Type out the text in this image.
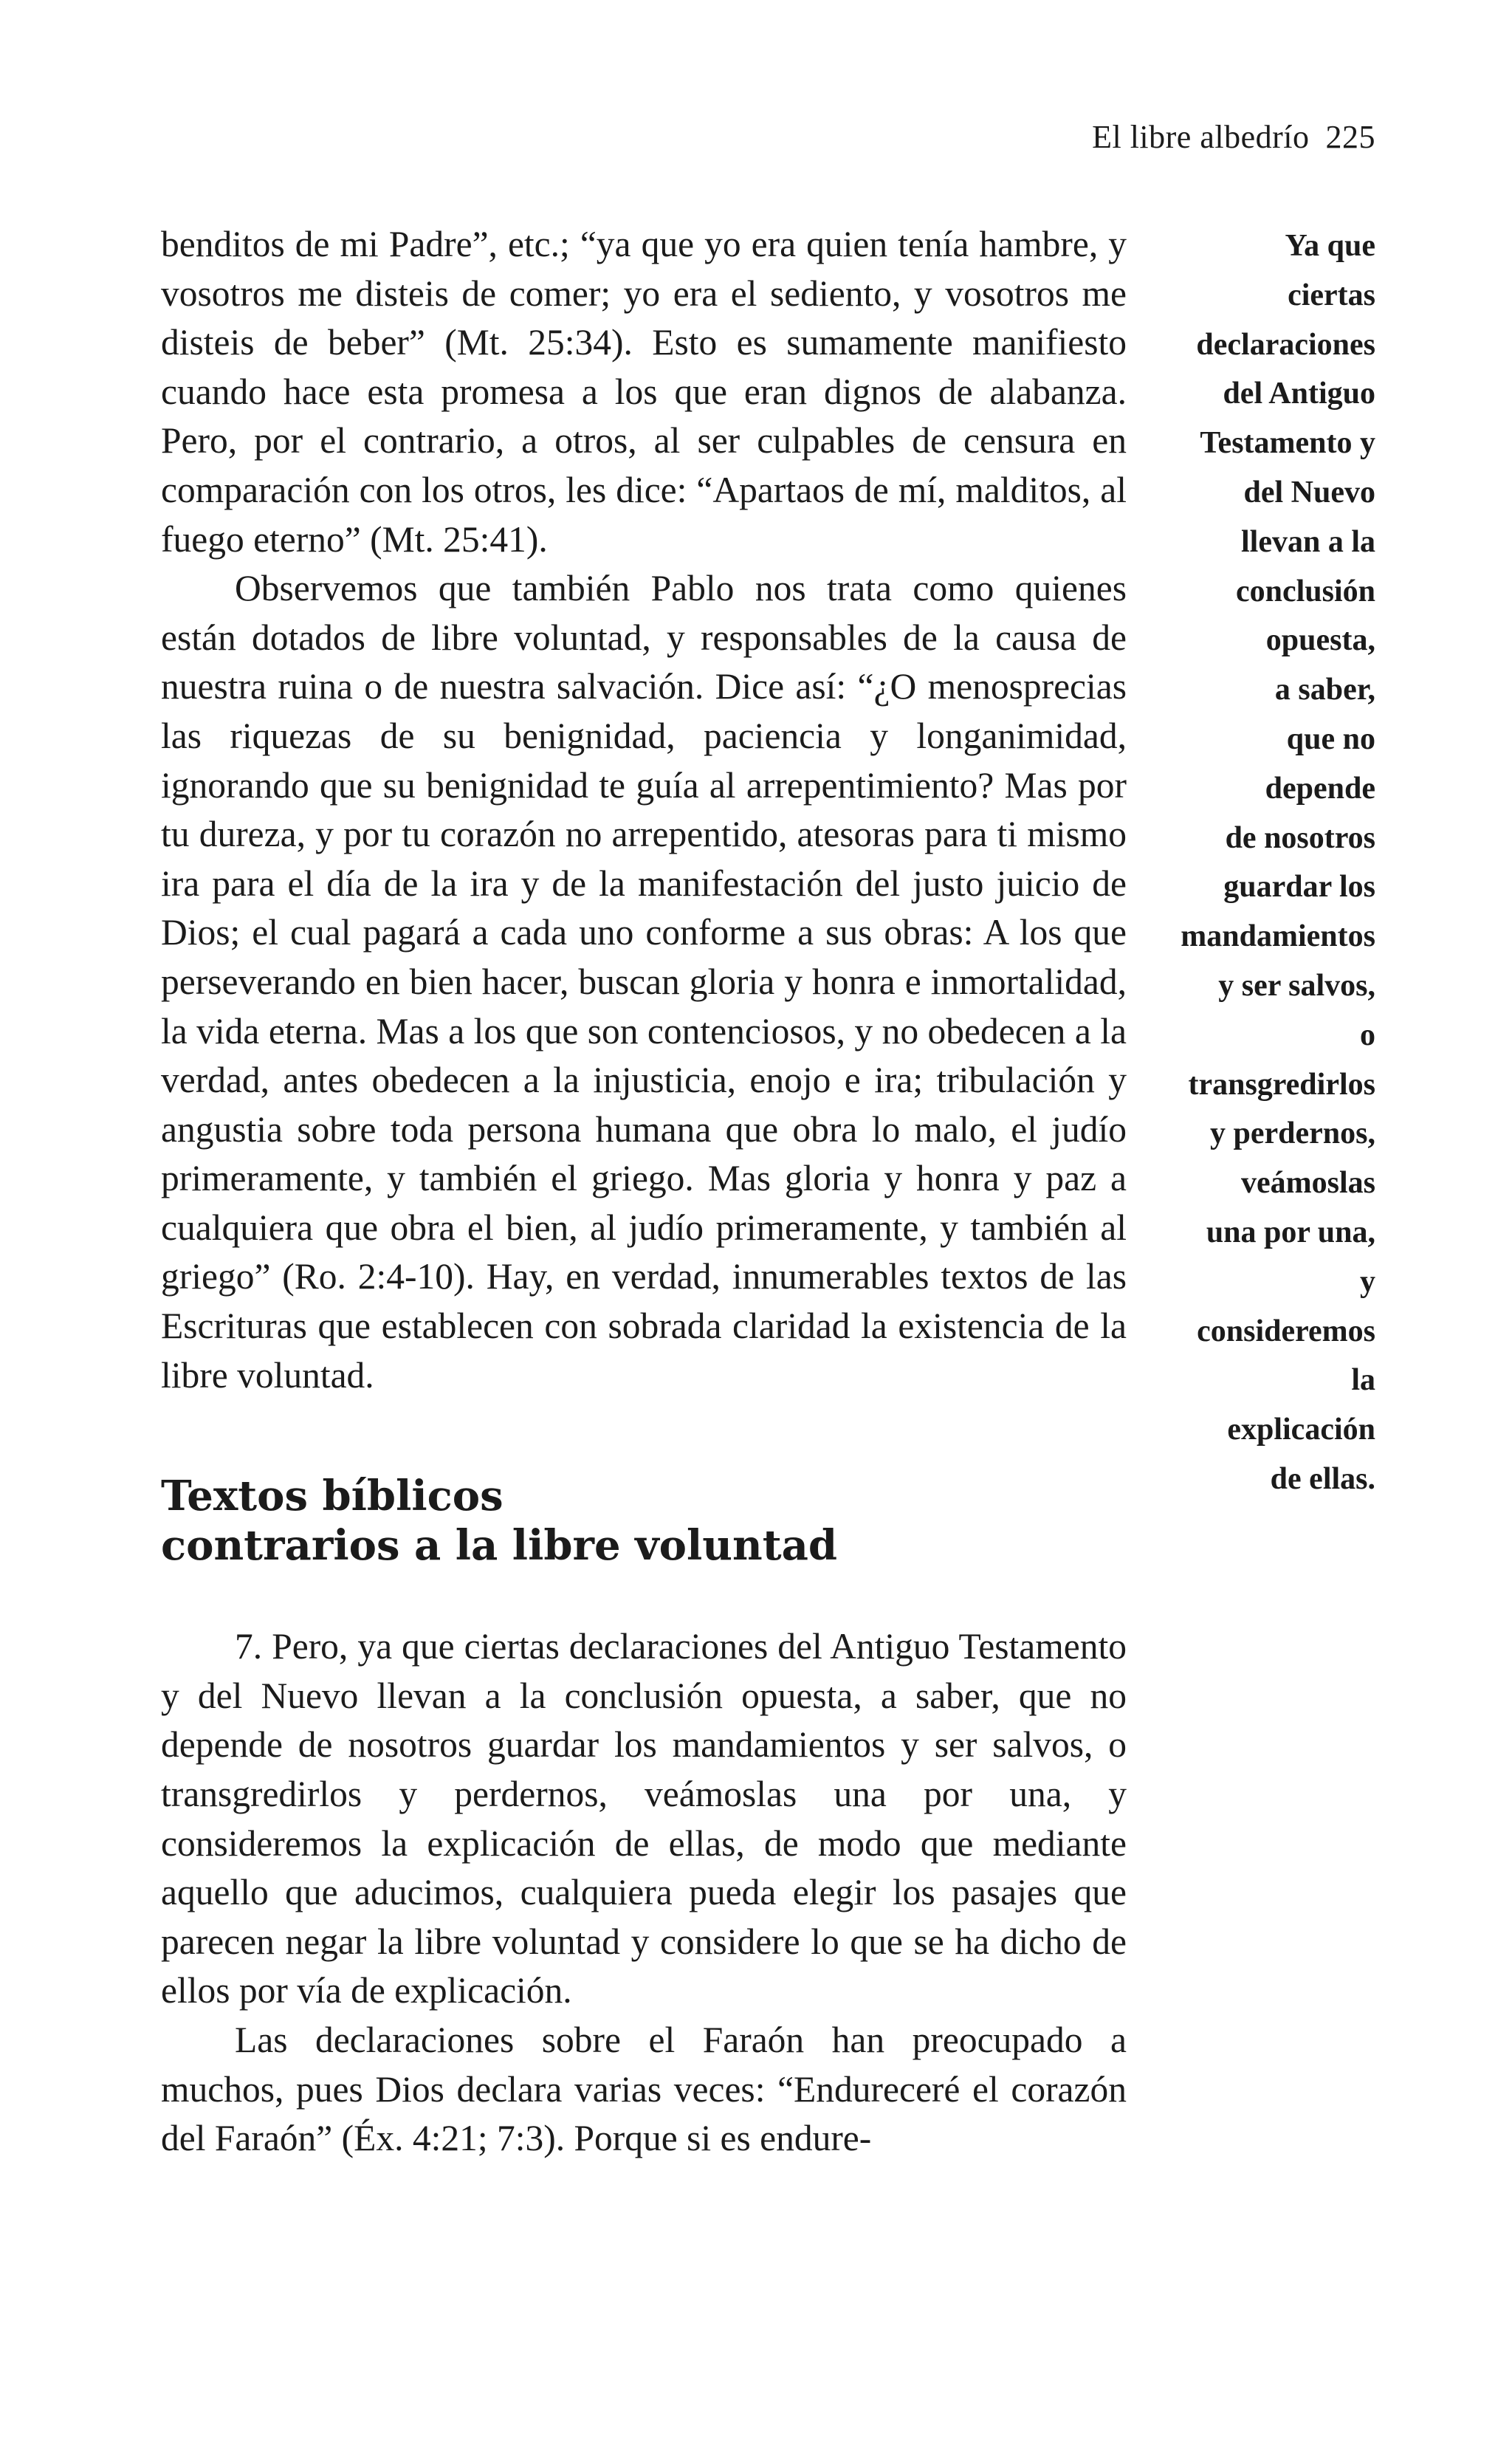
El libre albedrío 225

benditos de mi Padre”, etc.; “ya que yo era quien tenía hambre, y vosotros me disteis de comer; yo era el sediento, y vosotros me disteis de beber” (Mt. 25:34). Esto es sumamente manifiesto cuando hace esta promesa a los que eran dignos de alabanza. Pero, por el contrario, a otros, al ser culpables de censura en comparación con los otros, les dice: “Apartaos de mí, malditos, al fuego eterno” (Mt. 25:41).

Observemos que también Pablo nos trata como quienes están dotados de libre voluntad, y responsables de la causa de nuestra ruina o de nuestra salvación. Dice así: “¿O menosprecias las riquezas de su benignidad, paciencia y longanimidad, ignorando que su benignidad te guía al arrepentimiento? Mas por tu dureza, y por tu corazón no arrepentido, atesoras para ti mismo ira para el día de la ira y de la manifestación del justo juicio de Dios; el cual pagará a cada uno conforme a sus obras: A los que perseverando en bien hacer, buscan gloria y honra e inmortalidad, la vida eterna. Mas a los que son contenciosos, y no obedecen a la verdad, antes obedecen a la injusticia, enojo e ira; tribulación y angustia sobre toda persona humana que obra lo malo, el judío primeramente, y también el griego. Mas gloria y honra y paz a cualquiera que obra el bien, al judío primeramente, y también al griego” (Ro. 2:4-10). Hay, en verdad, innumerables textos de las Escrituras que establecen con sobrada claridad la existencia de la libre voluntad.

Textos bíblicos
contrarios a la libre voluntad

7. Pero, ya que ciertas declaraciones del Antiguo Testamento y del Nuevo llevan a la conclusión opuesta, a saber, que no depende de nosotros guardar los mandamientos y ser salvos, o transgredirlos y perdernos, veámoslas una por una, y consideremos la explicación de ellas, de modo que mediante aquello que aducimos, cualquiera pueda elegir los pasajes que parecen negar la libre voluntad y considere lo que se ha dicho de ellos por vía de explicación.

Las declaraciones sobre el Faraón han preocupado a muchos, pues Dios declara varias veces: “Endureceré el corazón del Faraón” (Éx. 4:21; 7:3). Porque si es endure-

Ya que
ciertas
declaraciones
del Antiguo
Testamento y
del Nuevo
llevan a la
conclusión
opuesta,
a saber,
que no
depende
de nosotros
guardar los
mandamientos
y ser salvos,
o
transgredirlos
y perdernos,
veámoslas
una por una,
y
consideremos
la
explicación
de ellas.
